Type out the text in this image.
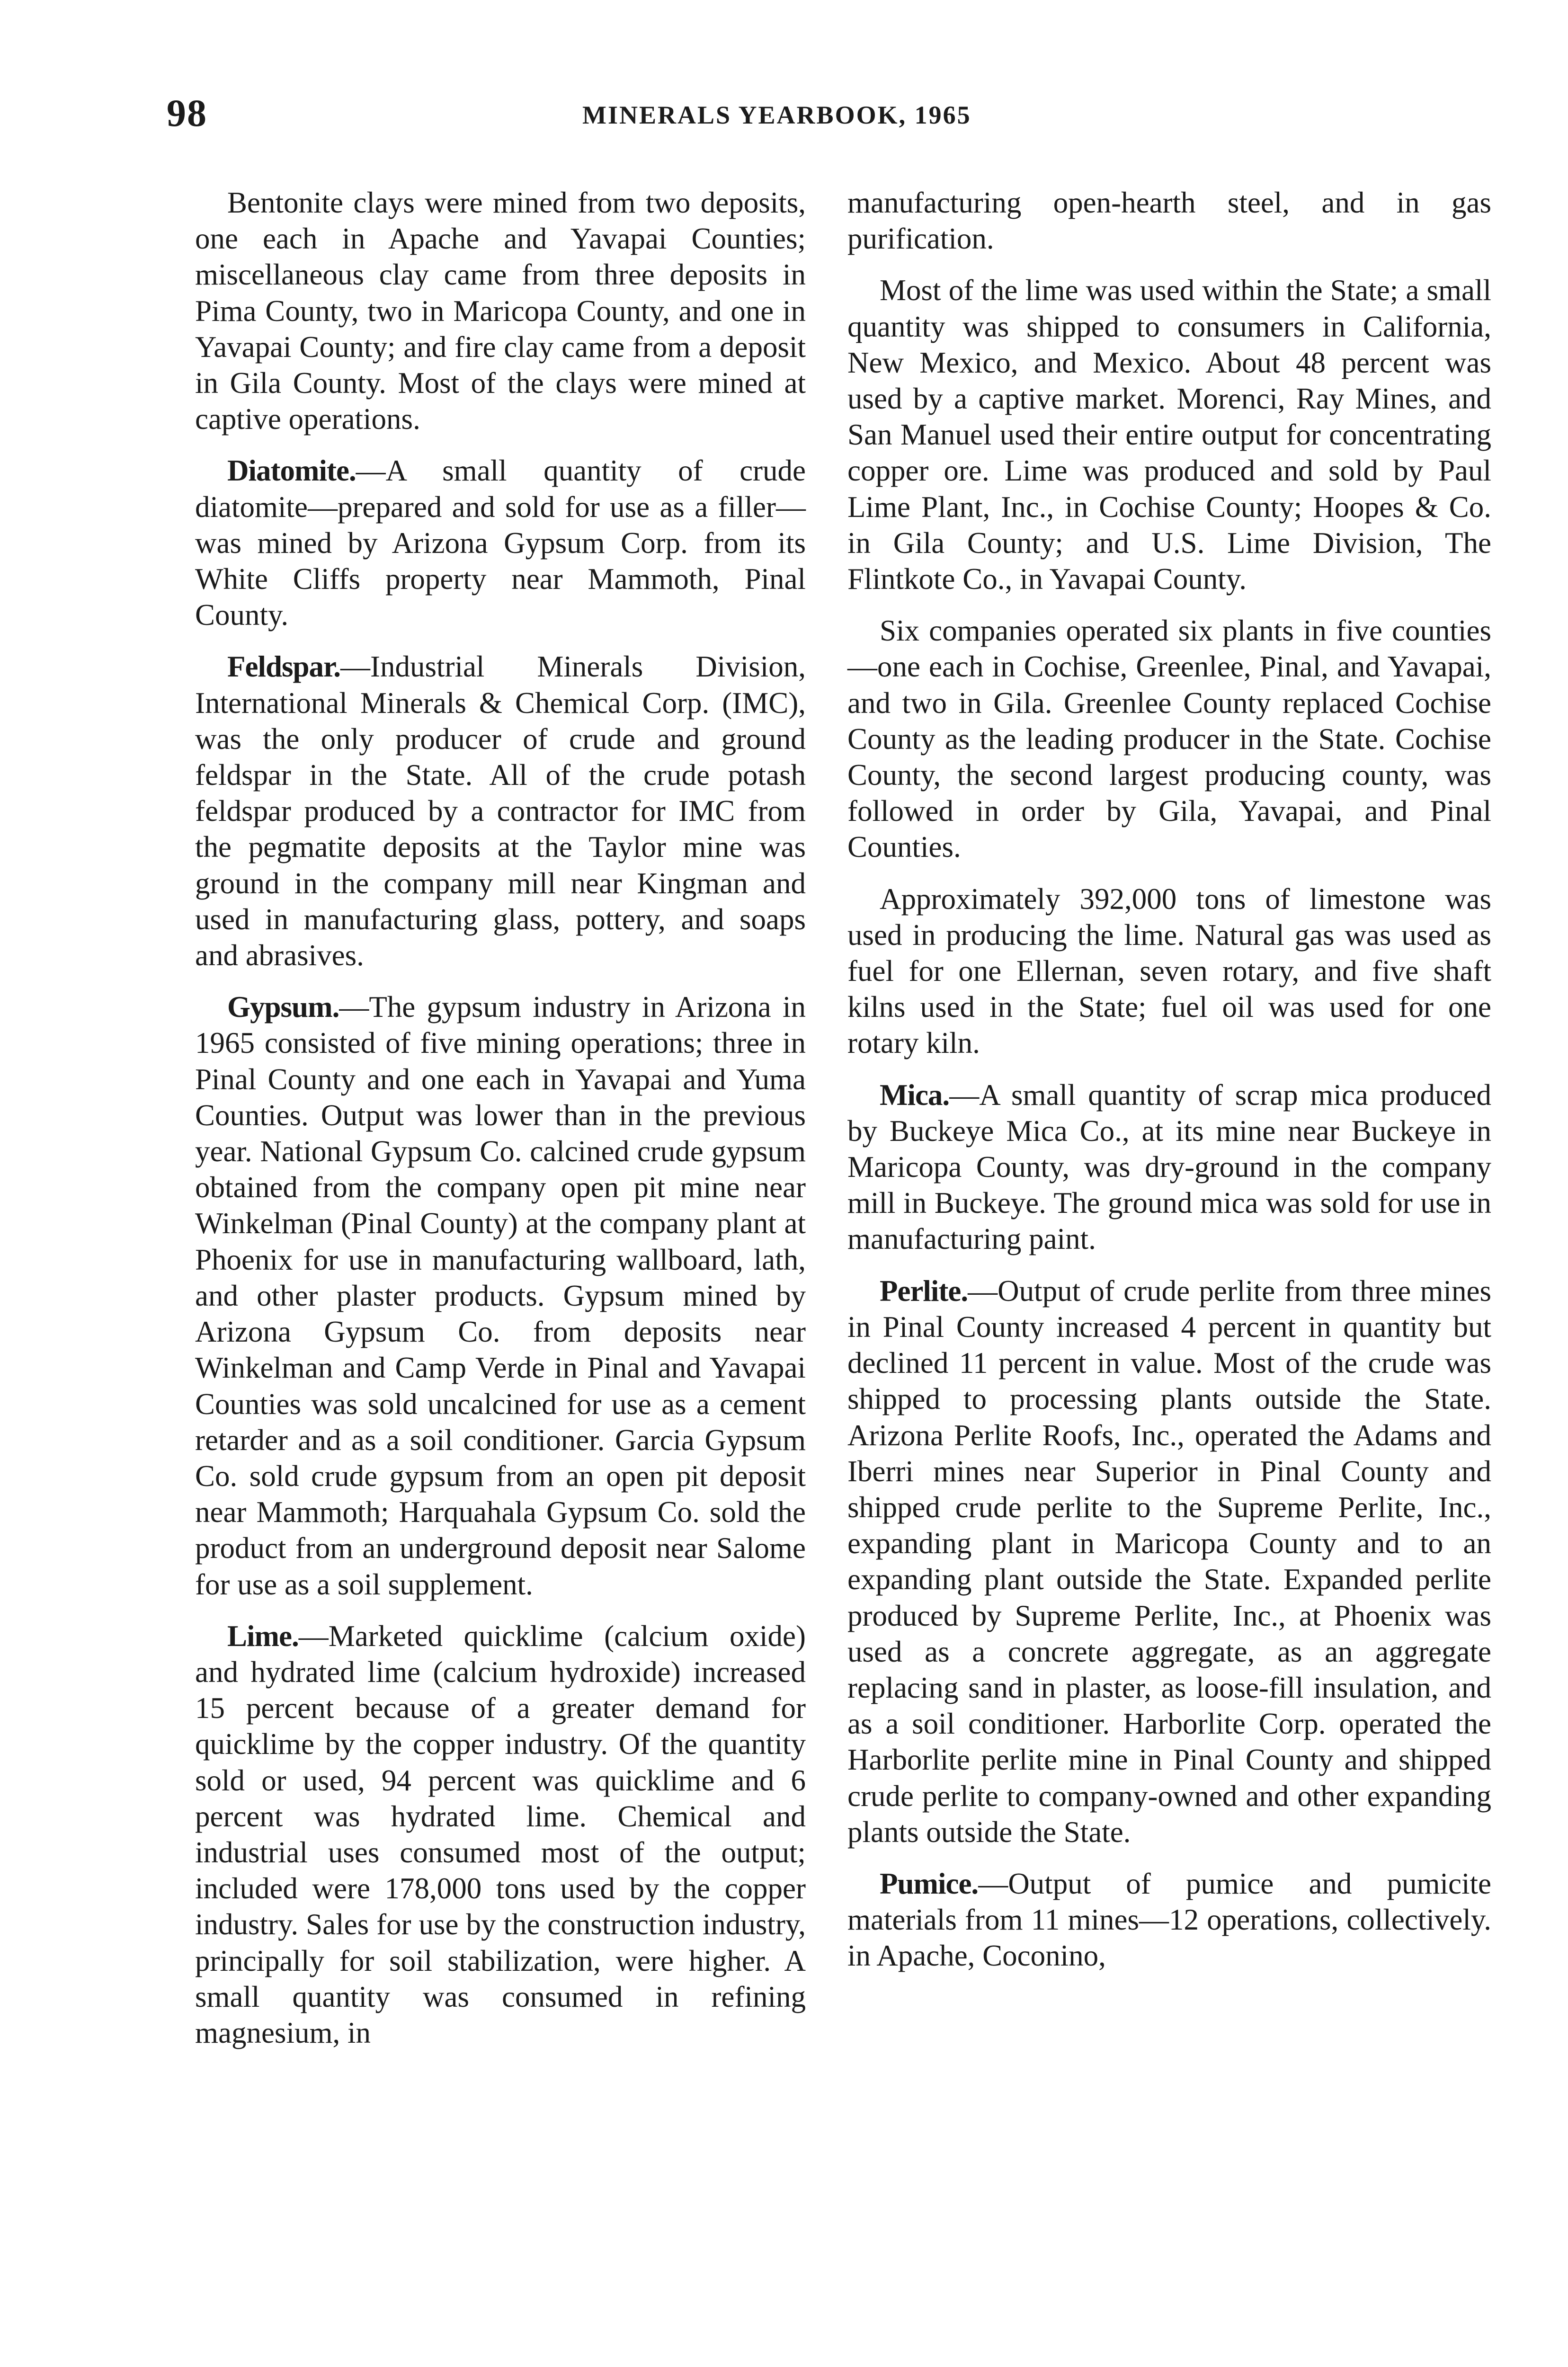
98	MINERALS YEARBOOK, 1965

Bentonite clays were mined from two deposits, one each in Apache and Yavapai Counties; miscellaneous clay came from three deposits in Pima County, two in Maricopa County, and one in Yavapai County; and fire clay came from a deposit in Gila County. Most of the clays were mined at captive operations.

Diatomite.—A small quantity of crude diatomite—prepared and sold for use as a filler—was mined by Arizona Gypsum Corp. from its White Cliffs property near Mammoth, Pinal County.

Feldspar.—Industrial Minerals Division, International Minerals & Chemical Corp. (IMC), was the only producer of crude and ground feldspar in the State. All of the crude potash feldspar produced by a contractor for IMC from the pegmatite deposits at the Taylor mine was ground in the company mill near Kingman and used in manufacturing glass, pottery, and soaps and abrasives.

Gypsum.—The gypsum industry in Arizona in 1965 consisted of five mining operations; three in Pinal County and one each in Yavapai and Yuma Counties. Output was lower than in the previous year. National Gypsum Co. calcined crude gypsum obtained from the company open pit mine near Winkelman (Pinal County) at the company plant at Phoenix for use in manufacturing wallboard, lath, and other plaster products. Gypsum mined by Arizona Gypsum Co. from deposits near Winkelman and Camp Verde in Pinal and Yavapai Counties was sold uncalcined for use as a cement retarder and as a soil conditioner. Garcia Gypsum Co. sold crude gypsum from an open pit deposit near Mammoth; Harquahala Gypsum Co. sold the product from an underground deposit near Salome for use as a soil supplement.

Lime.—Marketed quicklime (calcium oxide) and hydrated lime (calcium hydroxide) increased 15 percent because of a greater demand for quicklime by the copper industry. Of the quantity sold or used, 94 percent was quicklime and 6 percent was hydrated lime. Chemical and industrial uses consumed most of the output; included were 178,000 tons used by the copper industry. Sales for use by the construction industry, principally for soil stabilization, were higher. A small quantity was consumed in refining magnesium, in

manufacturing open-hearth steel, and in gas purification.

Most of the lime was used within the State; a small quantity was shipped to consumers in California, New Mexico, and Mexico. About 48 percent was used by a captive market. Morenci, Ray Mines, and San Manuel used their entire output for concentrating copper ore. Lime was produced and sold by Paul Lime Plant, Inc., in Cochise County; Hoopes & Co. in Gila County; and U.S. Lime Division, The Flintkote Co., in Yavapai County.

Six companies operated six plants in five counties—one each in Cochise, Greenlee, Pinal, and Yavapai, and two in Gila. Greenlee County replaced Cochise County as the leading producer in the State. Cochise County, the second largest producing county, was followed in order by Gila, Yavapai, and Pinal Counties.

Approximately 392,000 tons of limestone was used in producing the lime. Natural gas was used as fuel for one Ellernan, seven rotary, and five shaft kilns used in the State; fuel oil was used for one rotary kiln.

Mica.—A small quantity of scrap mica produced by Buckeye Mica Co., at its mine near Buckeye in Maricopa County, was dry-ground in the company mill in Buckeye. The ground mica was sold for use in manufacturing paint.

Perlite.—Output of crude perlite from three mines in Pinal County increased 4 percent in quantity but declined 11 percent in value. Most of the crude was shipped to processing plants outside the State. Arizona Perlite Roofs, Inc., operated the Adams and Iberri mines near Superior in Pinal County and shipped crude perlite to the Supreme Perlite, Inc., expanding plant in Maricopa County and to an expanding plant outside the State. Expanded perlite produced by Supreme Perlite, Inc., at Phoenix was used as a concrete aggregate, as an aggregate replacing sand in plaster, as loose-fill insulation, and as a soil conditioner. Harborlite Corp. operated the Harborlite perlite mine in Pinal County and shipped crude perlite to company-owned and other expanding plants outside the State.

Pumice.—Output of pumice and pumicite materials from 11 mines—12 operations, collectively. in Apache, Coconino,
